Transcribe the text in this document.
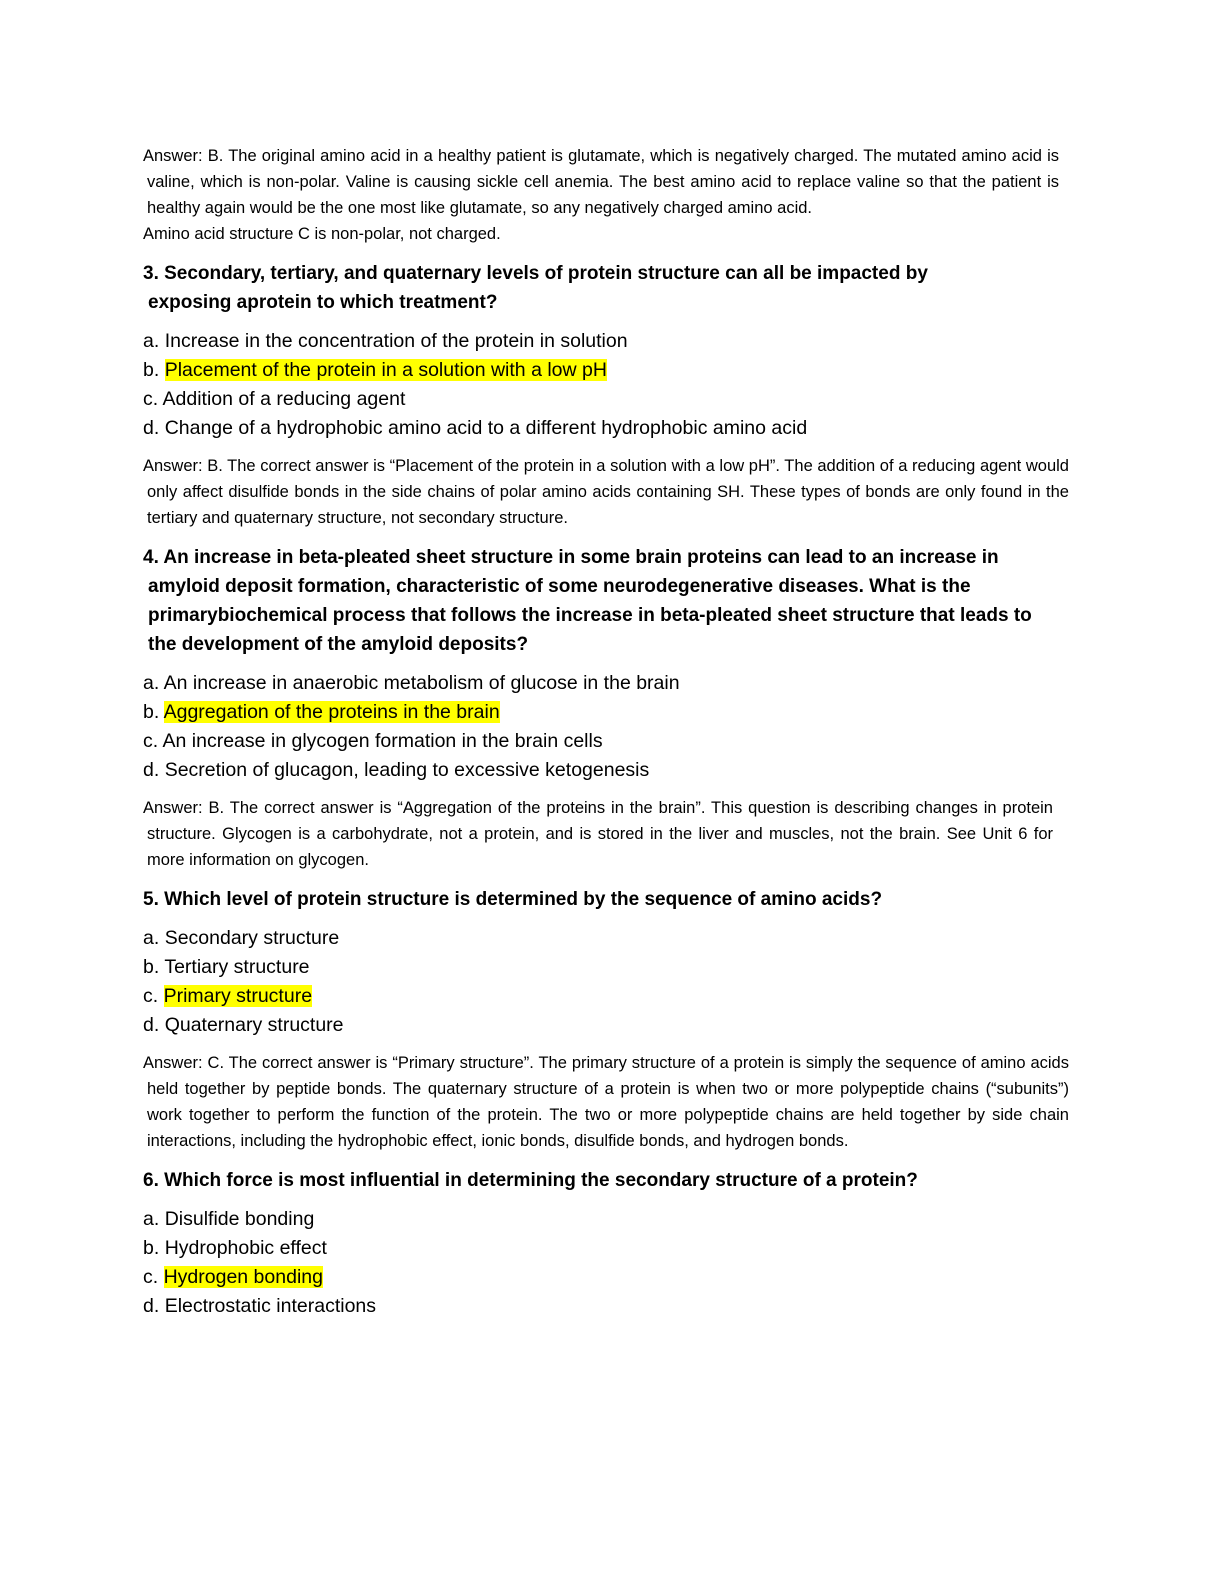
Answer: B. The original amino acid in a healthy patient is glutamate, which is negatively charged. The mutated amino acid is valine, which is non-polar. Valine is causing sickle cell anemia. The best amino acid to replace valine so that the patient is healthy again would be the one most like glutamate, so any negatively charged amino acid.

Amino acid structure C is non-polar, not charged.

3. Secondary, tertiary, and quaternary levels of protein structure can all be impacted by exposing aprotein to which treatment?

a. Increase in the concentration of the protein in solution
b. Placement of the protein in a solution with a low pH
c. Addition of a reducing agent
d. Change of a hydrophobic amino acid to a different hydrophobic amino acid

Answer: B. The correct answer is “Placement of the protein in a solution with a low pH”. The addition of a reducing agent would only affect disulfide bonds in the side chains of polar amino acids containing SH. These types of bonds are only found in the tertiary and quaternary structure, not secondary structure.

4. An increase in beta-pleated sheet structure in some brain proteins can lead to an increase in amyloid deposit formation, characteristic of some neurodegenerative diseases. What is the primarybiochemical process that follows the increase in beta-pleated sheet structure that leads to the development of the amyloid deposits?

a. An increase in anaerobic metabolism of glucose in the brain
b. Aggregation of the proteins in the brain
c. An increase in glycogen formation in the brain cells
d. Secretion of glucagon, leading to excessive ketogenesis

Answer: B. The correct answer is “Aggregation of the proteins in the brain”. This question is describing changes in protein structure. Glycogen is a carbohydrate, not a protein, and is stored in the liver and muscles, not the brain. See Unit 6 for more information on glycogen.

5. Which level of protein structure is determined by the sequence of amino acids?

a. Secondary structure
b. Tertiary structure
c. Primary structure
d. Quaternary structure

Answer: C. The correct answer is “Primary structure”. The primary structure of a protein is simply the sequence of amino acids held together by peptide bonds. The quaternary structure of a protein is when two or more polypeptide chains (“subunits”) work together to perform the function of the protein. The two or more polypeptide chains are held together by side chain interactions, including the hydrophobic effect, ionic bonds, disulfide bonds, and hydrogen bonds.

6. Which force is most influential in determining the secondary structure of a protein?

a. Disulfide bonding
b. Hydrophobic effect
c. Hydrogen bonding
d. Electrostatic interactions
